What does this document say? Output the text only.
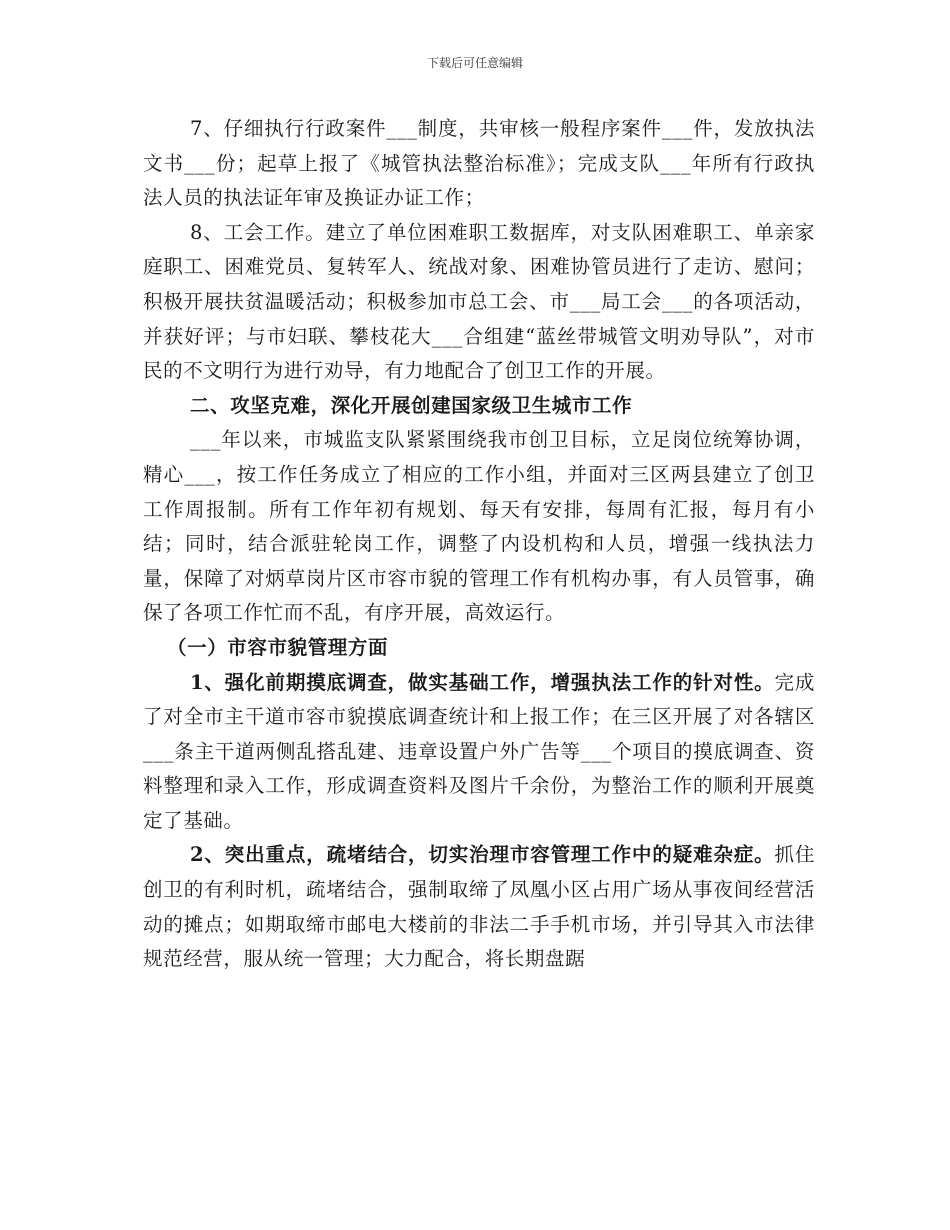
下载后可任意编辑

7、仔细执行行政案件___制度，共审核一般程序案件___件，发放执法文书___份；起草上报了《城管执法整治标准》；完成支队___年所有行政执法人员的执法证年审及换证办证工作；

8、工会工作。建立了单位困难职工数据库，对支队困难职工、单亲家庭职工、困难党员、复转军人、统战对象、困难协管员进行了走访、慰问；积极开展扶贫温暖活动；积极参加市总工会、市___局工会___的各项活动，并获好评；与市妇联、攀枝花大___合组建“蓝丝带城管文明劝导队”，对市民的不文明行为进行劝导，有力地配合了创卫工作的开展。

二、攻坚克难，深化开展创建国家级卫生城市工作

___年以来，市城监支队紧紧围绕我市创卫目标，立足岗位统筹协调，精心___，按工作任务成立了相应的工作小组，并面对三区两县建立了创卫工作周报制。所有工作年初有规划、每天有安排，每周有汇报，每月有小结；同时，结合派驻轮岗工作，调整了内设机构和人员，增强一线执法力量，保障了对炳草岗片区市容市貌的管理工作有机构办事，有人员管事，确保了各项工作忙而不乱，有序开展，高效运行。

（一）市容市貌管理方面

1、强化前期摸底调查，做实基础工作，增强执法工作的针对性。完成了对全市主干道市容市貌摸底调查统计和上报工作；在三区开展了对各辖区___条主干道两侧乱搭乱建、违章设置户外广告等___个项目的摸底调查、资料整理和录入工作，形成调查资料及图片千余份，为整治工作的顺利开展奠定了基础。

2、突出重点，疏堵结合，切实治理市容管理工作中的疑难杂症。抓住创卫的有利时机，疏堵结合，强制取缔了凤凰小区占用广场从事夜间经营活动的摊点；如期取缔市邮电大楼前的非法二手手机市场，并引导其入市法律规范经营，服从统一管理；大力配合，将长期盘踞
